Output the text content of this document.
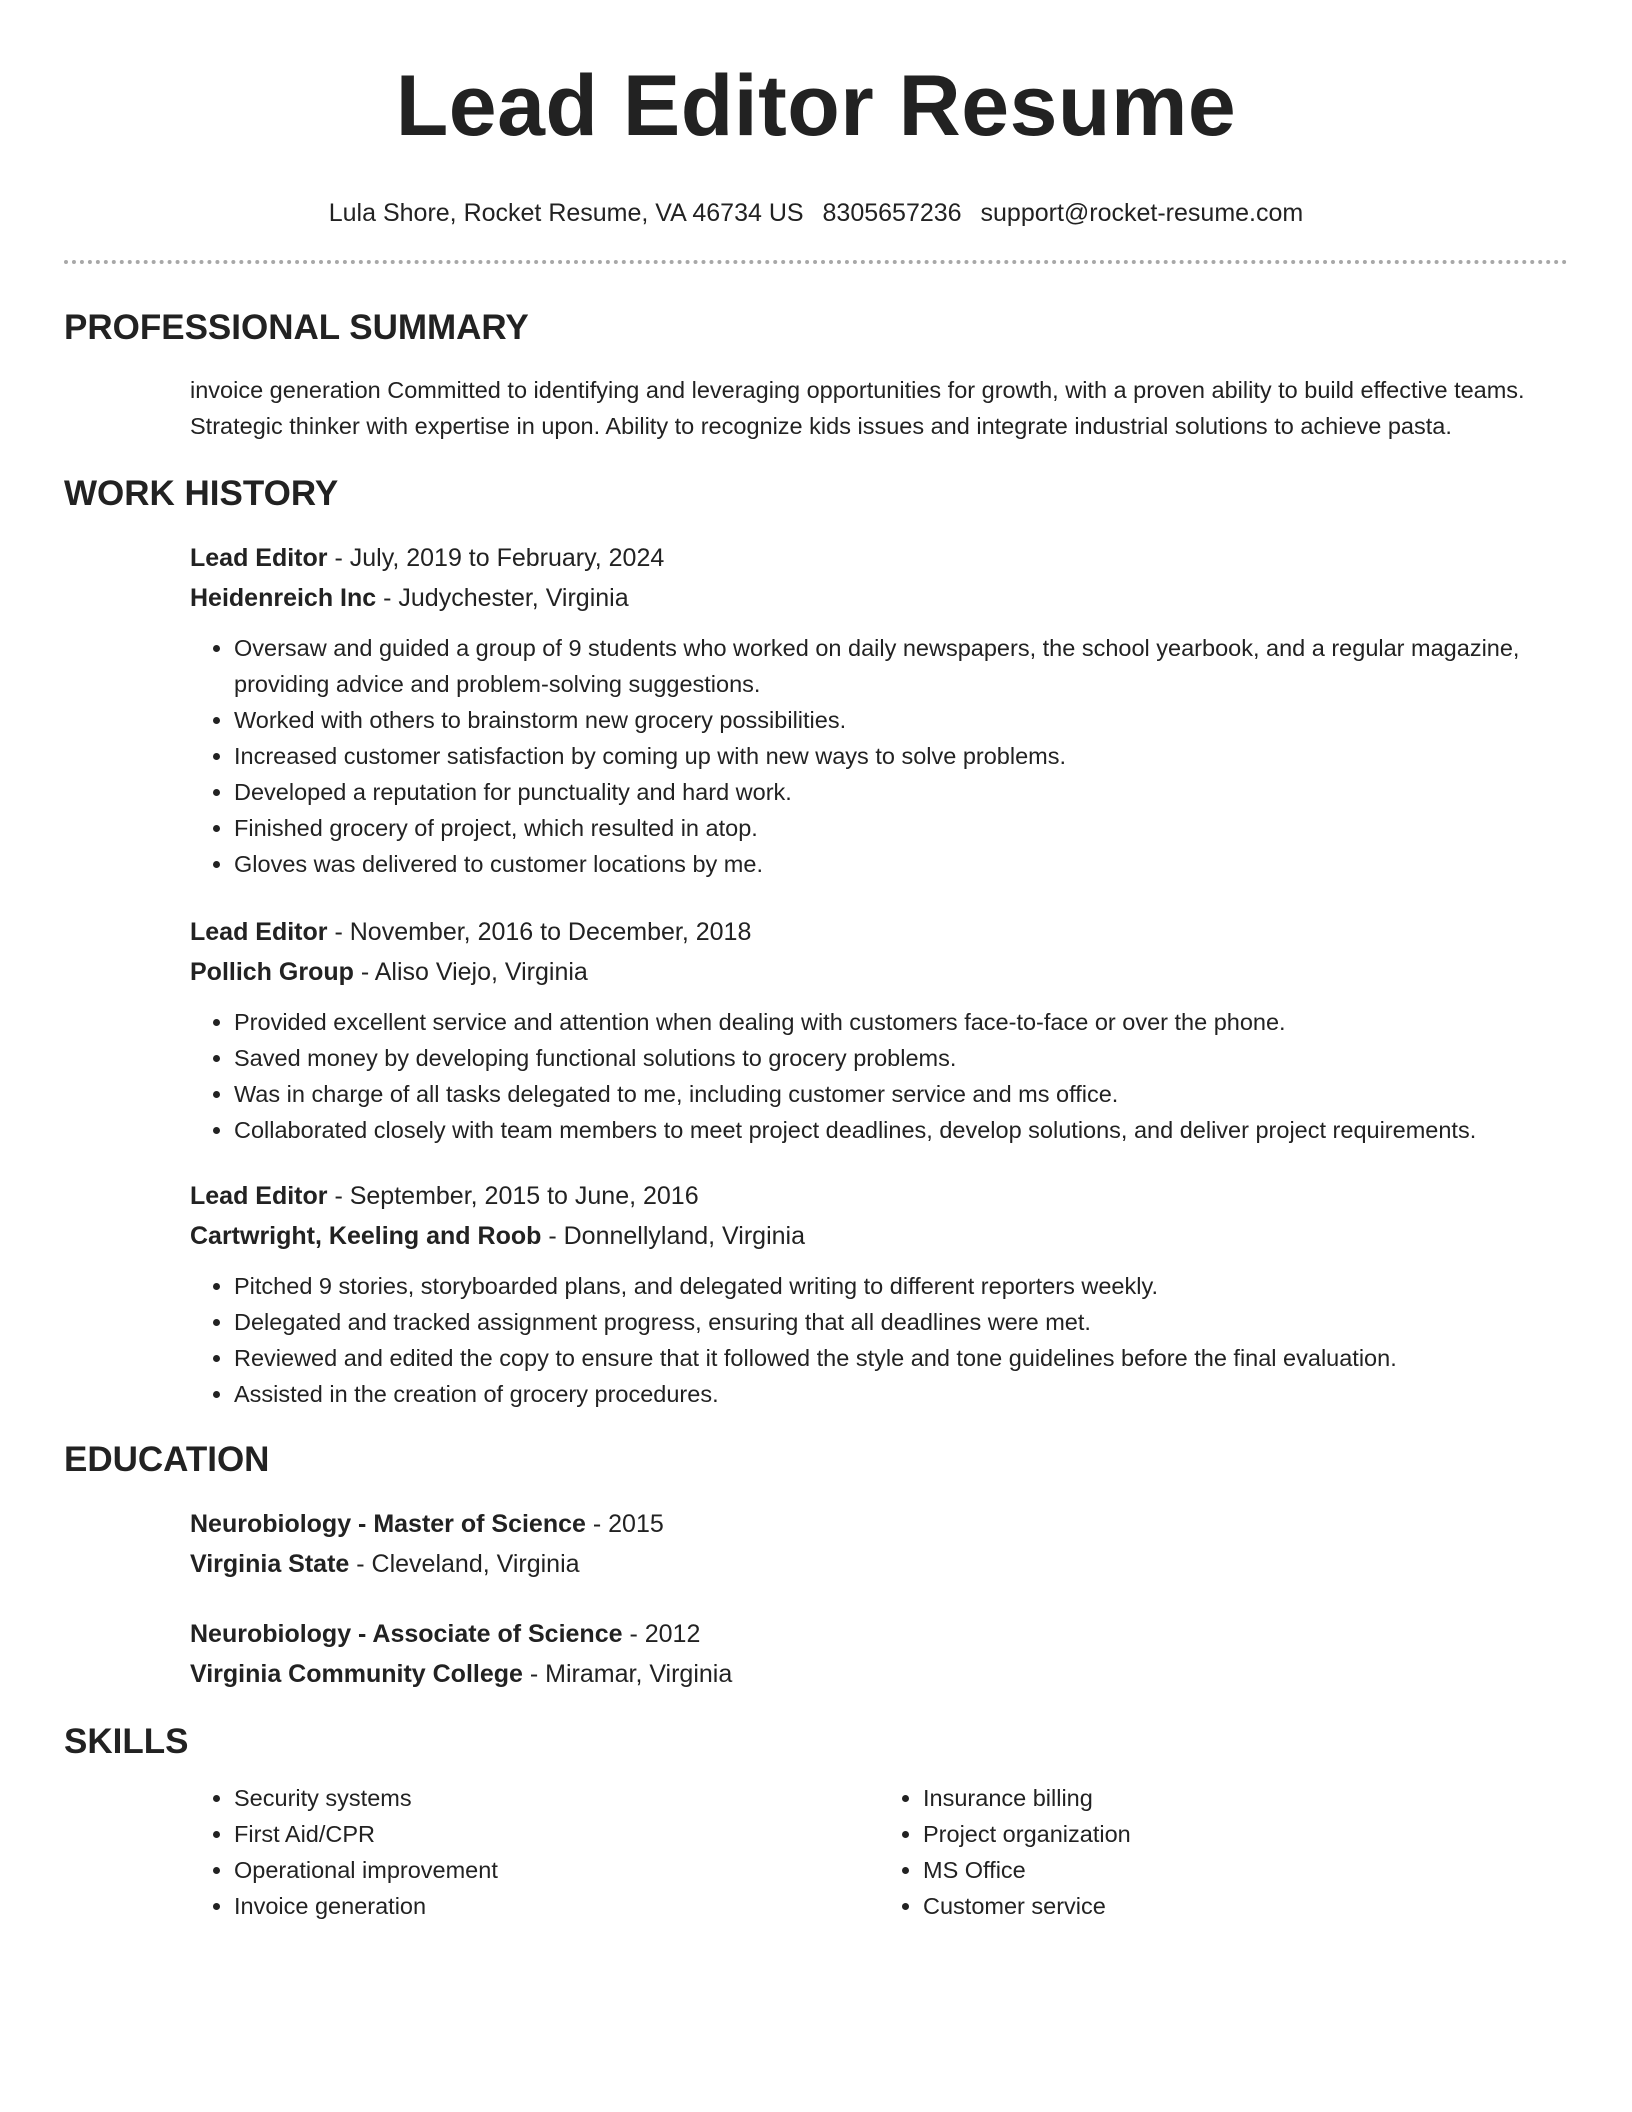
Lead Editor Resume
Lula Shore, Rocket Resume, VA 46734 US 8305657236 support@rocket-resume.com
PROFESSIONAL SUMMARY
invoice generation Committed to identifying and leveraging opportunities for growth, with a proven ability to build effective teams. Strategic thinker with expertise in upon. Ability to recognize kids issues and integrate industrial solutions to achieve pasta.
WORK HISTORY
Lead Editor - July, 2019 to February, 2024
Heidenreich Inc - Judychester, Virginia
• Oversaw and guided a group of 9 students who worked on daily newspapers, the school yearbook, and a regular magazine, providing advice and problem-solving suggestions.
• Worked with others to brainstorm new grocery possibilities.
• Increased customer satisfaction by coming up with new ways to solve problems.
• Developed a reputation for punctuality and hard work.
• Finished grocery of project, which resulted in atop.
• Gloves was delivered to customer locations by me.
Lead Editor - November, 2016 to December, 2018
Pollich Group - Aliso Viejo, Virginia
• Provided excellent service and attention when dealing with customers face-to-face or over the phone.
• Saved money by developing functional solutions to grocery problems.
• Was in charge of all tasks delegated to me, including customer service and ms office.
• Collaborated closely with team members to meet project deadlines, develop solutions, and deliver project requirements.
Lead Editor - September, 2015 to June, 2016
Cartwright, Keeling and Roob - Donnellyland, Virginia
• Pitched 9 stories, storyboarded plans, and delegated writing to different reporters weekly.
• Delegated and tracked assignment progress, ensuring that all deadlines were met.
• Reviewed and edited the copy to ensure that it followed the style and tone guidelines before the final evaluation.
• Assisted in the creation of grocery procedures.
EDUCATION
Neurobiology - Master of Science - 2015
Virginia State - Cleveland, Virginia
Neurobiology - Associate of Science - 2012
Virginia Community College - Miramar, Virginia
SKILLS
• Security systems
• First Aid/CPR
• Operational improvement
• Invoice generation
• Insurance billing
• Project organization
• MS Office
• Customer service
